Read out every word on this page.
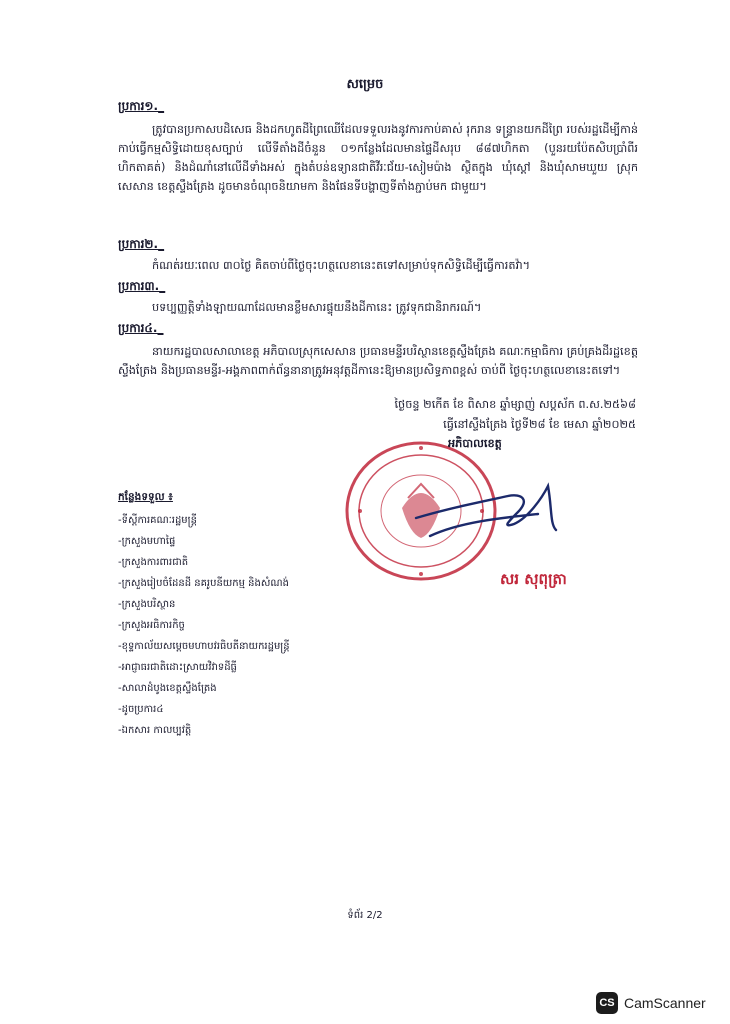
សម្រេច
ប្រការ១._
ត្រូវបានប្រកាសបដិសេធ និងដកហូតដីព្រៃឈើដែលទទួលរងនូវការកាប់គាស់ រុករាន ទន្ទ្រានយកដីព្រៃ របស់រដ្ឋដើម្បីកាន់កាប់ធ្វើកម្មសិទ្ធិដោយខុសច្បាប់ លើទីតាំងដីចំនួន ០១កន្លែងដែលមានផ្ទៃដីសរុប ៨៨៧ហិកតា (បួនរយប៉ែតសិបប្រាំពីរហិកតាគត់) និងដំណាំនៅលើដីទាំងអស់ ក្នុងតំបន់ឧទ្យានជាតិវីរៈជ័យ-សៀមប៉ាង ស្ថិតក្នុង ឃុំស្តៅ និងឃុំសាមឃួយ ស្រុកសេសាន ខេត្តស្ទឹងត្រែង ដូចមានចំណុចនិយាមកា និងផែនទីបង្ហាញទីតាំងភ្ជាប់មក ជាមួយ។
ប្រការ២._
កំណត់រយៈពេល ៣០ថ្ងៃ គិតចាប់ពីថ្ងៃចុះហត្ថលេខានេះតទៅសម្រាប់ទុកសិទ្ធិដើម្បីធ្វើការតវ៉ា។
ប្រការ៣._
បទប្បញ្ញត្តិទាំងឡាយណាដែលមានខ្លឹមសារផ្ទុយនឹងដីកានេះ ត្រូវទុកជានិរាករណ៍។
ប្រការ៤._
នាយករដ្ឋបាលសាលាខេត្ត អភិបាលស្រុកសេសាន ប្រធានមន្ទីរបរិស្ថានខេត្តស្ទឹងត្រែង គណៈកម្មាធិការ គ្រប់គ្រងដីរដ្ឋខេត្តស្ទឹងត្រែង និងប្រធានមន្ទីរ-អង្គភាពពាក់ព័ន្ធនានាត្រូវអនុវត្តដីកានេះឱ្យមានប្រសិទ្ធភាពខ្ពស់ ចាប់ពី ថ្ងៃចុះហត្ថលេខានេះតទៅ។
ថ្ងៃចន្ទ ២កើត ខែ ពិសាខ ឆ្នាំម្សាញ់ សប្តស័ក ព.ស.២៥៦៨
ធ្វើនៅស្ទឹងត្រែង ថ្ងៃទី២៨ ខែ មេសា ឆ្នាំ២០២៥
អភិបាលខេត្ត
សរ សុពុត្រា
កន្លែងទទួល ៖
-ទីស្តីការគណៈរដ្ឋមន្ត្រី
-ក្រសួងមហាផ្ទៃ
-ក្រសួងការពារជាតិ
-ក្រសួងរៀបចំដែនដី នគរូបនីយកម្ម និងសំណង់
-ក្រសួងបរិស្ថាន
-ក្រសួងអធិការកិច្ច
-ខុទ្ទកាល័យសម្តេចមហាបវរធិបតីនាយករដ្ឋមន្ត្រី
-អាជ្ញាធរជាតិដោះស្រាយវិវាទដីធ្លី
-សាលាដំបូងខេត្តស្ទឹងត្រែង
-ដូចប្រការ៤
-ឯកសារ កាលប្បវត្តិ
ទំព័រ 2/2
CS CamScanner
